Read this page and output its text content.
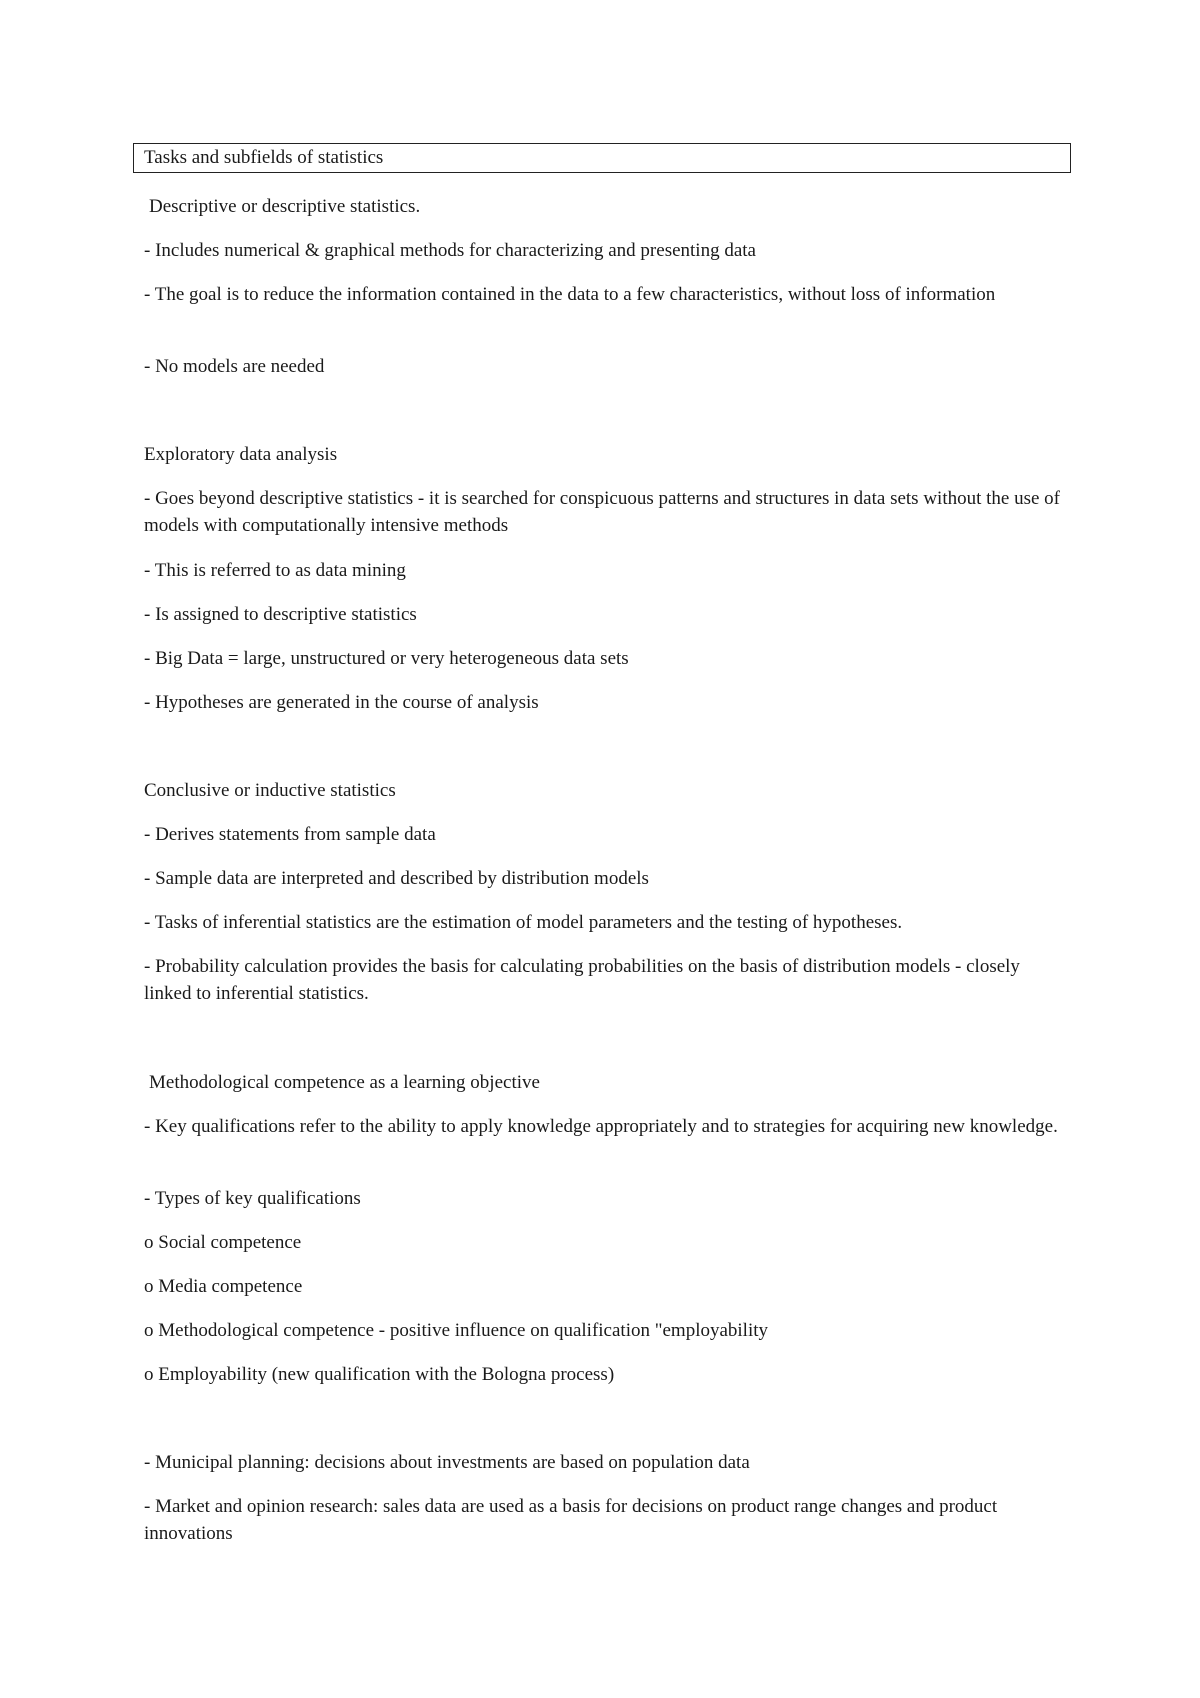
Tasks and subfields of statistics

Descriptive or descriptive statistics.

- Includes numerical & graphical methods for characterizing and presenting data

- The goal is to reduce the information contained in the data to a few characteristics, without loss of information

- No models are needed

Exploratory data analysis

- Goes beyond descriptive statistics - it is searched for conspicuous patterns and structures in data sets without the use of models with computationally intensive methods

- This is referred to as data mining

- Is assigned to descriptive statistics

- Big Data = large, unstructured or very heterogeneous data sets

- Hypotheses are generated in the course of analysis

Conclusive or inductive statistics

- Derives statements from sample data

- Sample data are interpreted and described by distribution models

- Tasks of inferential statistics are the estimation of model parameters and the testing of hypotheses.

- Probability calculation provides the basis for calculating probabilities on the basis of distribution models - closely linked to inferential statistics.

Methodological competence as a learning objective

- Key qualifications refer to the ability to apply knowledge appropriately and to strategies for acquiring new knowledge.

- Types of key qualifications

o Social competence

o Media competence

o Methodological competence - positive influence on qualification "employability

o Employability (new qualification with the Bologna process)

- Municipal planning: decisions about investments are based on population data

- Market and opinion research: sales data are used as a basis for decisions on product range changes and product innovations
